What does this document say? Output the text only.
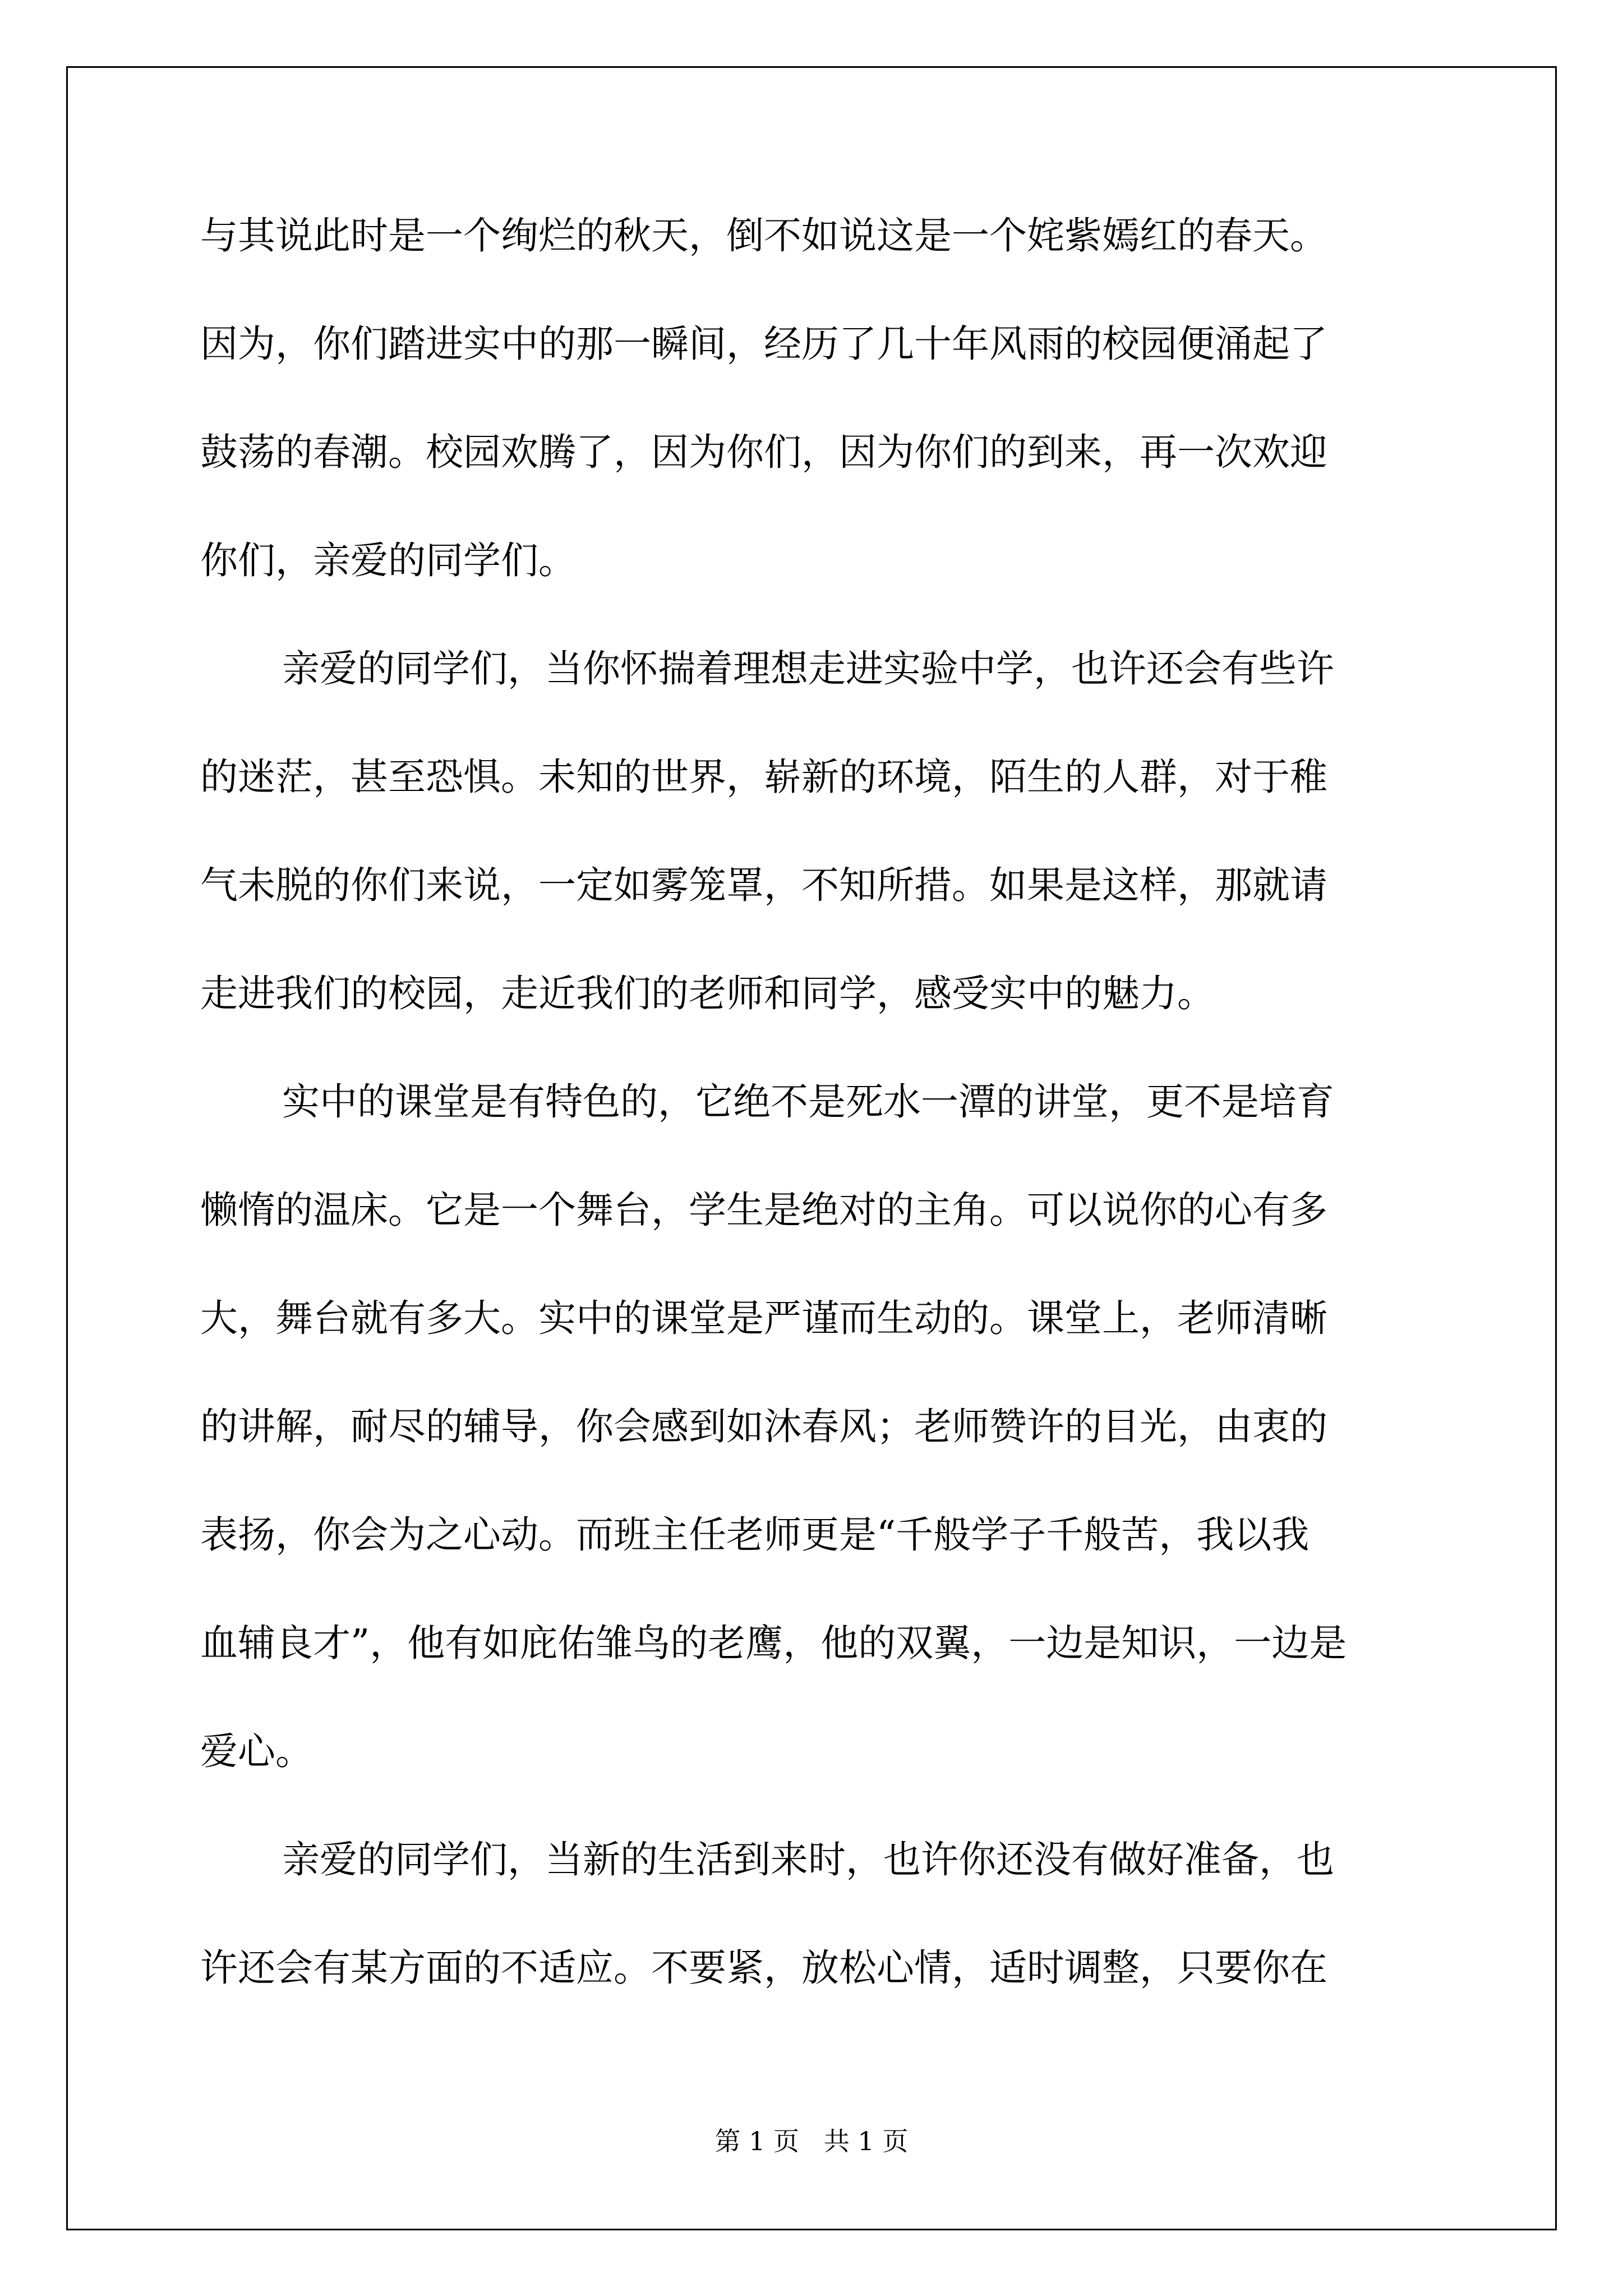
与其说此时是一个绚烂的秋天，倒不如说这是一个姹紫嫣红的春天。
因为，你们踏进实中的那一瞬间，经历了几十年风雨的校园便涌起了
鼓荡的春潮。校园欢腾了，因为你们，因为你们的到来，再一次欢迎
你们，亲爱的同学们。
亲爱的同学们，当你怀揣着理想走进实验中学，也许还会有些许
的迷茫，甚至恐惧。未知的世界，崭新的环境，陌生的人群，对于稚
气未脱的你们来说，一定如雾笼罩，不知所措。如果是这样，那就请
走进我们的校园，走近我们的老师和同学，感受实中的魅力。
实中的课堂是有特色的，它绝不是死水一潭的讲堂，更不是培育
懒惰的温床。它是一个舞台，学生是绝对的主角。可以说你的心有多
大，舞台就有多大。实中的课堂是严谨而生动的。课堂上，老师清晰
的讲解，耐尽的辅导，你会感到如沐春风；老师赞许的目光，由衷的
表扬，你会为之心动。而班主任老师更是“千般学子千般苦，我以我
血辅良才”，他有如庇佑雏鸟的老鹰，他的双翼，一边是知识，一边是
爱心。
亲爱的同学们，当新的生活到来时，也许你还没有做好准备，也
许还会有某方面的不适应。不要紧，放松心情，适时调整，只要你在
第 1 页   共 1 页
